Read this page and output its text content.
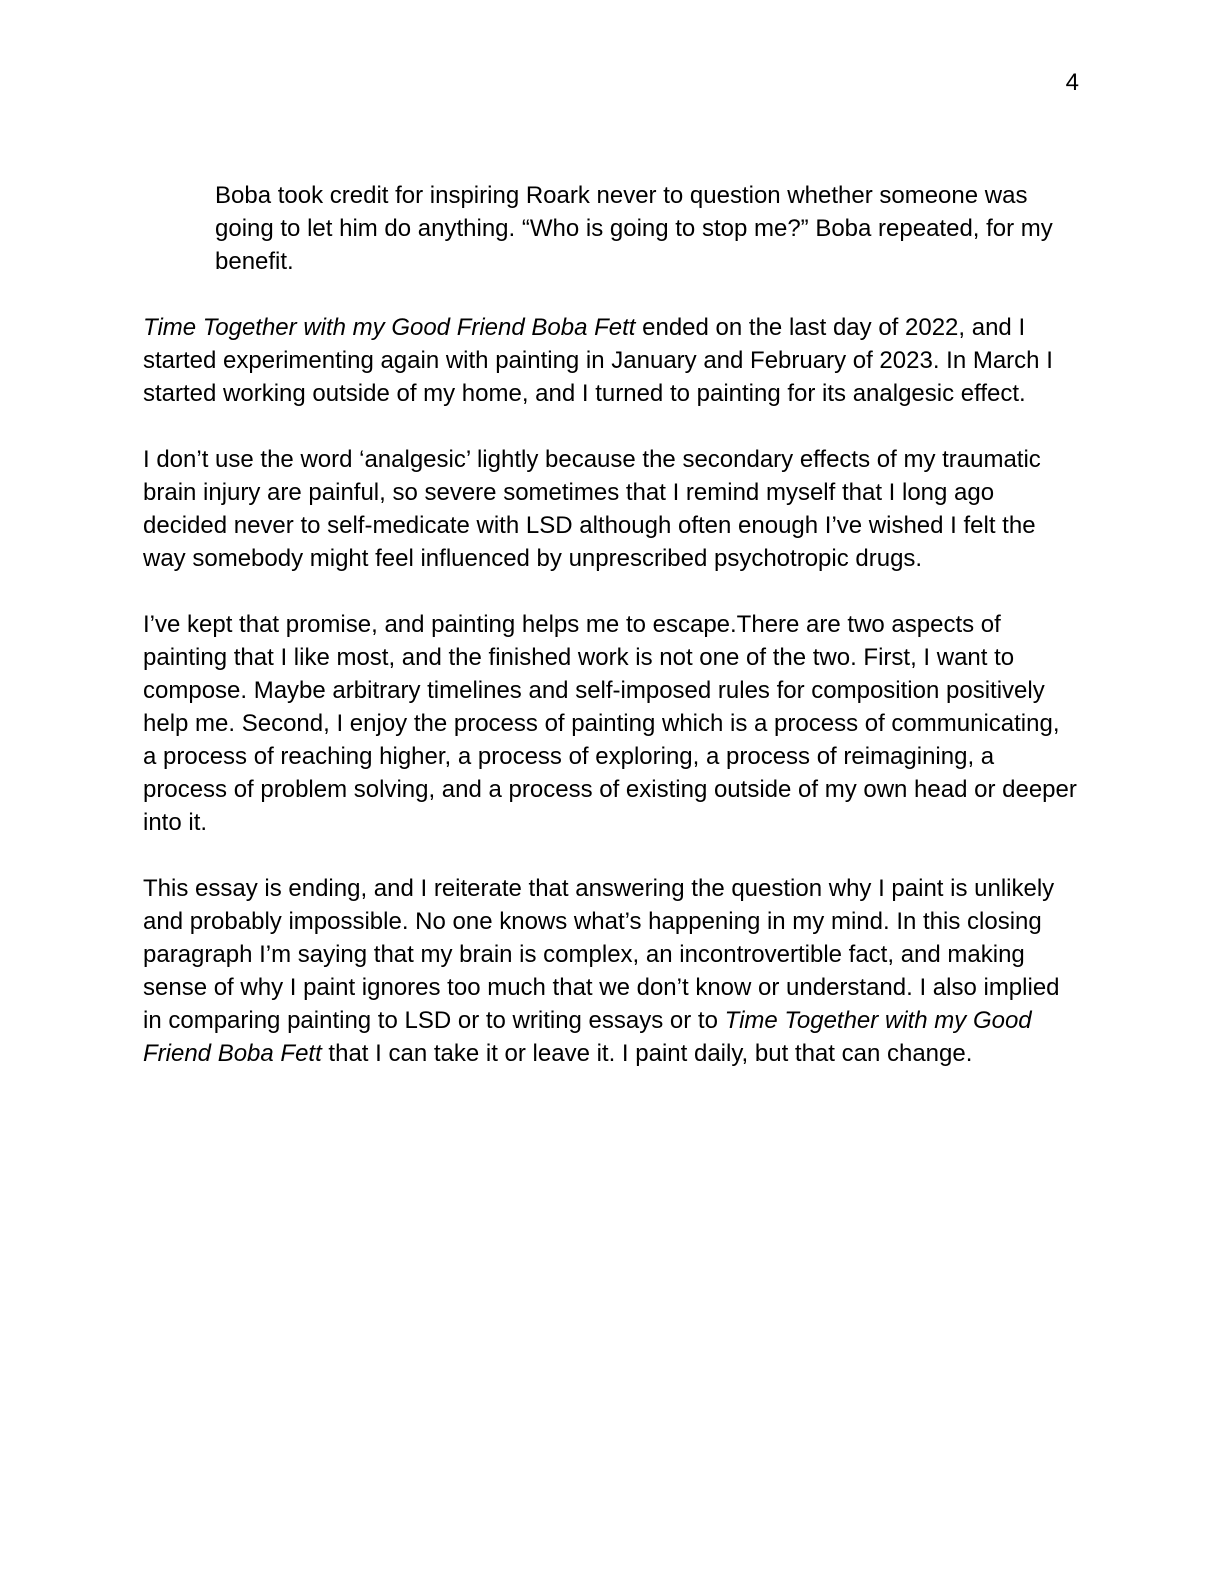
4
Boba took credit for inspiring Roark never to question whether someone was going to let him do anything. “Who is going to stop me?” Boba repeated, for my benefit.

Time Together with my Good Friend Boba Fett ended on the last day of 2022, and I started experimenting again with painting in January and February of 2023. In March I started working outside of my home, and I turned to painting for its analgesic effect.

I don’t use the word ‘analgesic’ lightly because the secondary effects of my traumatic brain injury are painful, so severe sometimes that I remind myself that I long ago decided never to self-medicate with LSD although often enough I’ve wished I felt the way somebody might feel influenced by unprescribed psychotropic drugs.

I’ve kept that promise, and painting helps me to escape.There are two aspects of painting that I like most, and the finished work is not one of the two. First, I want to compose. Maybe arbitrary timelines and self-imposed rules for composition positively help me. Second, I enjoy the process of painting which is a process of communicating, a process of reaching higher, a process of exploring, a process of reimagining, a process of problem solving, and a process of existing outside of my own head or deeper into it.

This essay is ending, and I reiterate that answering the question why I paint is unlikely and probably impossible. No one knows what’s happening in my mind. In this closing paragraph I’m saying that my brain is complex, an incontrovertible fact, and making sense of why I paint ignores too much that we don’t know or understand. I also implied in comparing painting to LSD or to writing essays or to Time Together with my Good Friend Boba Fett that I can take it or leave it. I paint daily, but that can change.
